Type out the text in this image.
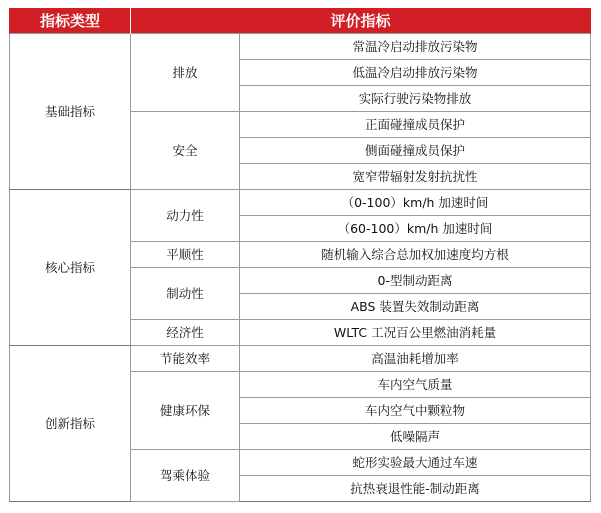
指标类型	评价指标	
基础指标	排放	常温冷启动排放污染物
		低温冷启动排放污染物
		实际行驶污染物排放
	安全	正面碰撞成员保护
		侧面碰撞成员保护
		宽窄带辐射发射抗扰性
核心指标	动力性	（0-100）km/h 加速时间
		（60-100）km/h 加速时间
	平顺性	随机输入综合总加权加速度均方根
	制动性	0-型制动距离
		ABS 装置失效制动距离
	经济性	WLTC 工况百公里燃油消耗量
创新指标	节能效率	高温油耗增加率
	健康环保	车内空气质量
		车内空气中颗粒物
		低噪隔声
	驾乘体验	蛇形实验最大通过车速
		抗热衰退性能-制动距离
